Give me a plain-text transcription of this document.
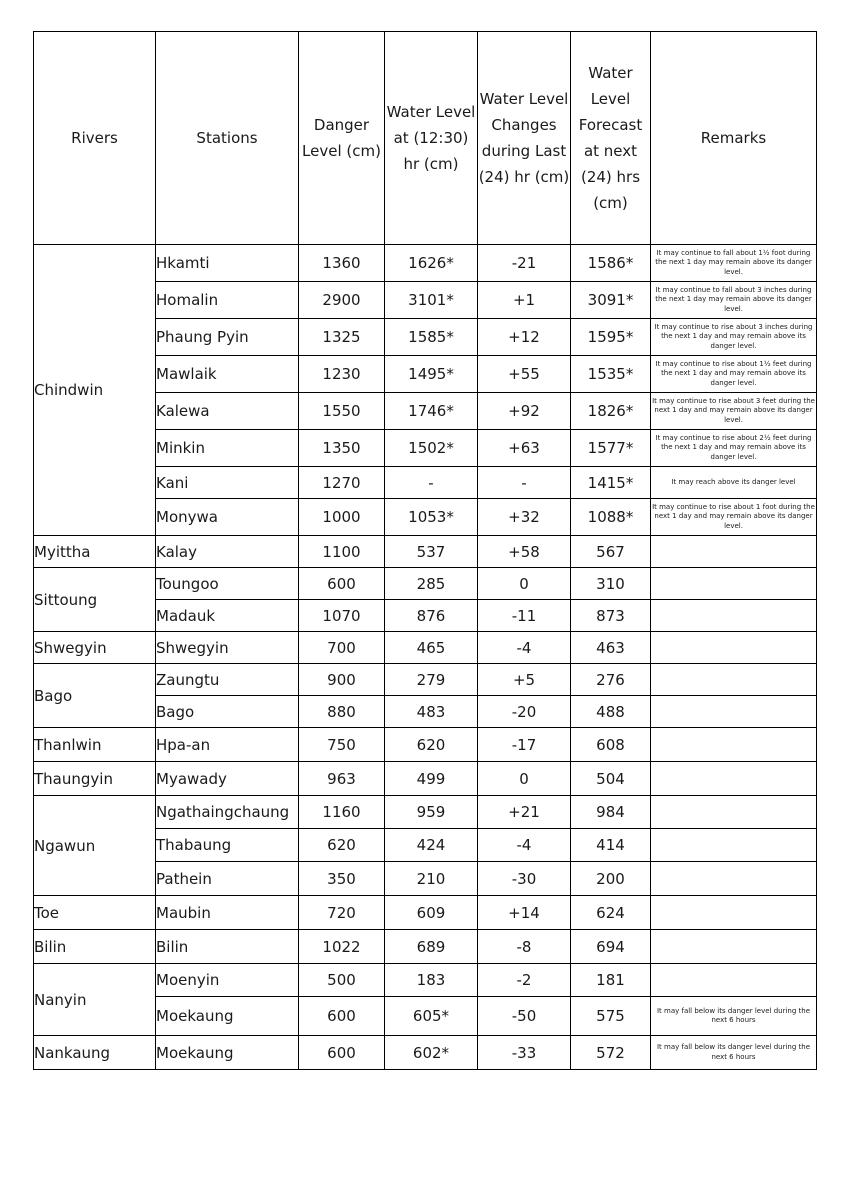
Rivers	Stations	Danger Level (cm)	Water Level at (12:30) hr (cm)	Water Level Changes during Last (24) hr (cm)	Water Level Forecast at next (24) hrs (cm)	Remarks
Chindwin	Hkamti	1360	1626*	-21	1586*	It may continue to fall about 1½ foot during the next 1 day may remain above its danger level.
	Homalin	2900	3101*	+1	3091*	It may continue to fall about 3 inches during the next 1 day may remain above its danger level.
	Phaung Pyin	1325	1585*	+12	1595*	It may continue to rise about 3 inches during the next 1 day and may remain above its danger level.
	Mawlaik	1230	1495*	+55	1535*	It may continue to rise about 1½ feet during the next 1 day and may remain above its danger level.
	Kalewa	1550	1746*	+92	1826*	It may continue to rise about 3 feet during the next 1 day and may remain above its danger level.
	Minkin	1350	1502*	+63	1577*	It may continue to rise about 2½ feet during the next 1 day and may remain above its danger level.
	Kani	1270	-	-	1415*	It may reach above its danger level
	Monywa	1000	1053*	+32	1088*	It may continue to rise about 1 foot during the next 1 day and may remain above its danger level.
Myittha	Kalay	1100	537	+58	567	
Sittoung	Toungoo	600	285	0	310	
	Madauk	1070	876	-11	873	
Shwegyin	Shwegyin	700	465	-4	463	
Bago	Zaungtu	900	279	+5	276	
	Bago	880	483	-20	488	
Thanlwin	Hpa-an	750	620	-17	608	
Thaungyin	Myawady	963	499	0	504	
Ngawun	Ngathaingchaung	1160	959	+21	984	
	Thabaung	620	424	-4	414	
	Pathein	350	210	-30	200	
Toe	Maubin	720	609	+14	624	
Bilin	Bilin	1022	689	-8	694	
Nanyin	Moenyin	500	183	-2	181	
	Moekaung	600	605*	-50	575	It may fall below its danger level during the next 6 hours
Nankaung	Moekaung	600	602*	-33	572	It may fall below its danger level during the next 6 hours
